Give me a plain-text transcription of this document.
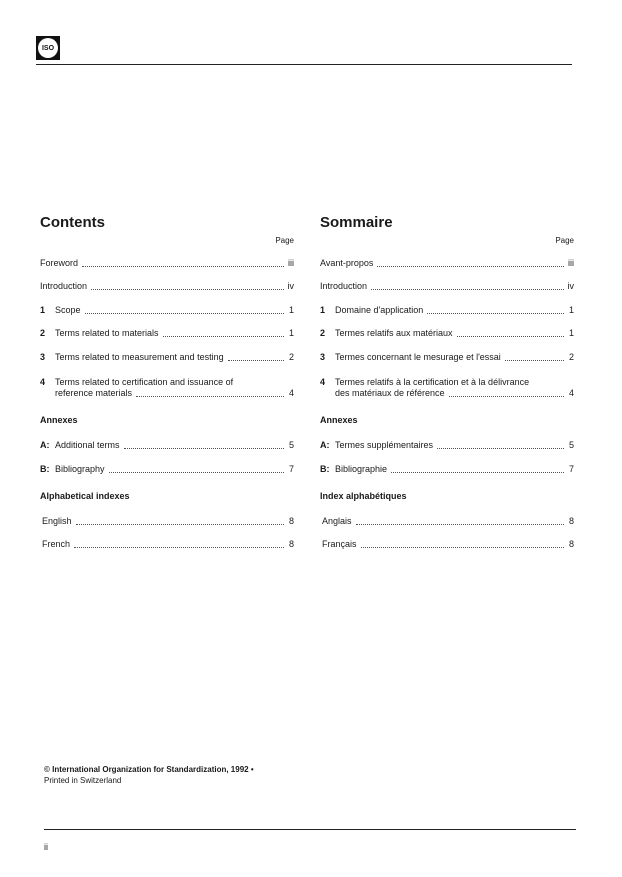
ISO
Contents
Page
Foreword	iii
Introduction	iv
1	Scope	1
2	Terms related to materials	1
3	Terms related to measurement and testing	2
4	Terms related to certification and issuance of
reference materials	4
Annexes
A: Additional terms	5
B: Bibliography	7
Alphabetical indexes
English	8
French	8
Sommaire
Page
Avant-propos	iii
Introduction	iv
1	Domaine d'application	1
2	Termes relatifs aux matériaux	1
3	Termes concernant le mesurage et l'essai	2
4	Termes relatifs à la certification et à la délivrance
des matériaux de référence	4
Annexes
A: Termes supplémentaires	5
B: Bibliographie	7
Index alphabétiques
Anglais	8
Français	8
© International Organization for Standardization, 1992 •
Printed in Switzerland
ii
